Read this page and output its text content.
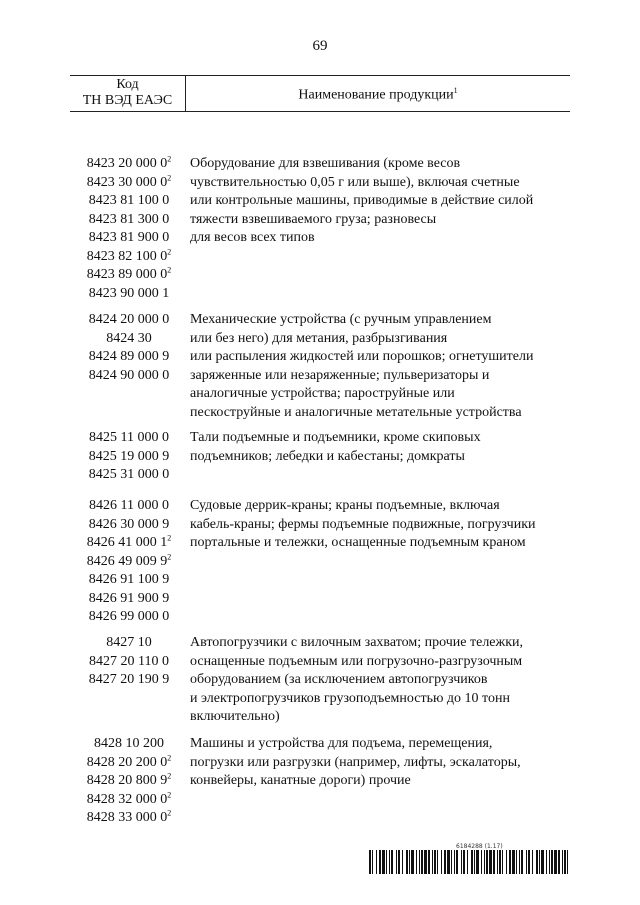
69
Код
ТН ВЭД ЕАЭС	Наименование продукции$^1$
8423 20 000 $0^2$
8423 30 000 $0^2$
8423 81 100 0
8423 81 300 0
8423 81 900 0
8423 82 100 $0^2$
8423 89 000 $0^2$
8423 90 000 1
Оборудование для взвешивания (кроме весов
чувствительностью 0,05 г или выше), включая счетные
или контрольные машины, приводимые в действие силой
тяжести взвешиваемого груза; разновесы
для весов всех типов
8424 20 000 0
8424 30
8424 89 000 9
8424 90 000 0
Механические устройства (с ручным управлением
или без него) для метания, разбрызгивания
или распыления жидкостей или порошков; огнетушители
заряженные или незаряженные; пульверизаторы и
аналогичные устройства; пароструйные или
пескоструйные и аналогичные метательные устройства
8425 11 000 0
8425 19 000 9
8425 31 000 0
Тали подъемные и подъемники, кроме скиповых
подъемников; лебедки и кабестаны; домкраты
8426 11 000 0
8426 30 000 9
8426 41 000 $1^2$
8426 49 009 $9^2$
8426 91 100 9
8426 91 900 9
8426 99 000 0
Судовые деррик-краны; краны подъемные, включая
кабель-краны; фермы подъемные подвижные, погрузчики
портальные и тележки, оснащенные подъемным краном
8427 10
8427 20 110 0
8427 20 190 9
Автопогрузчики с вилочным захватом; прочие тележки,
оснащенные подъемным или погрузочно-разгрузочным
оборудованием (за исключением автопогрузчиков
и электропогрузчиков грузоподъемностью до 10 тонн
включительно)
8428 10 200
8428 20 200 $0^2$
8428 20 800 $9^2$
8428 32 000 $0^2$
8428 33 000 $0^2$
Машины и устройства для подъема, перемещения,
погрузки или разгрузки (например, лифты, эскалаторы,
конвейеры, канатные дороги) прочие
6184288 (1.17)
